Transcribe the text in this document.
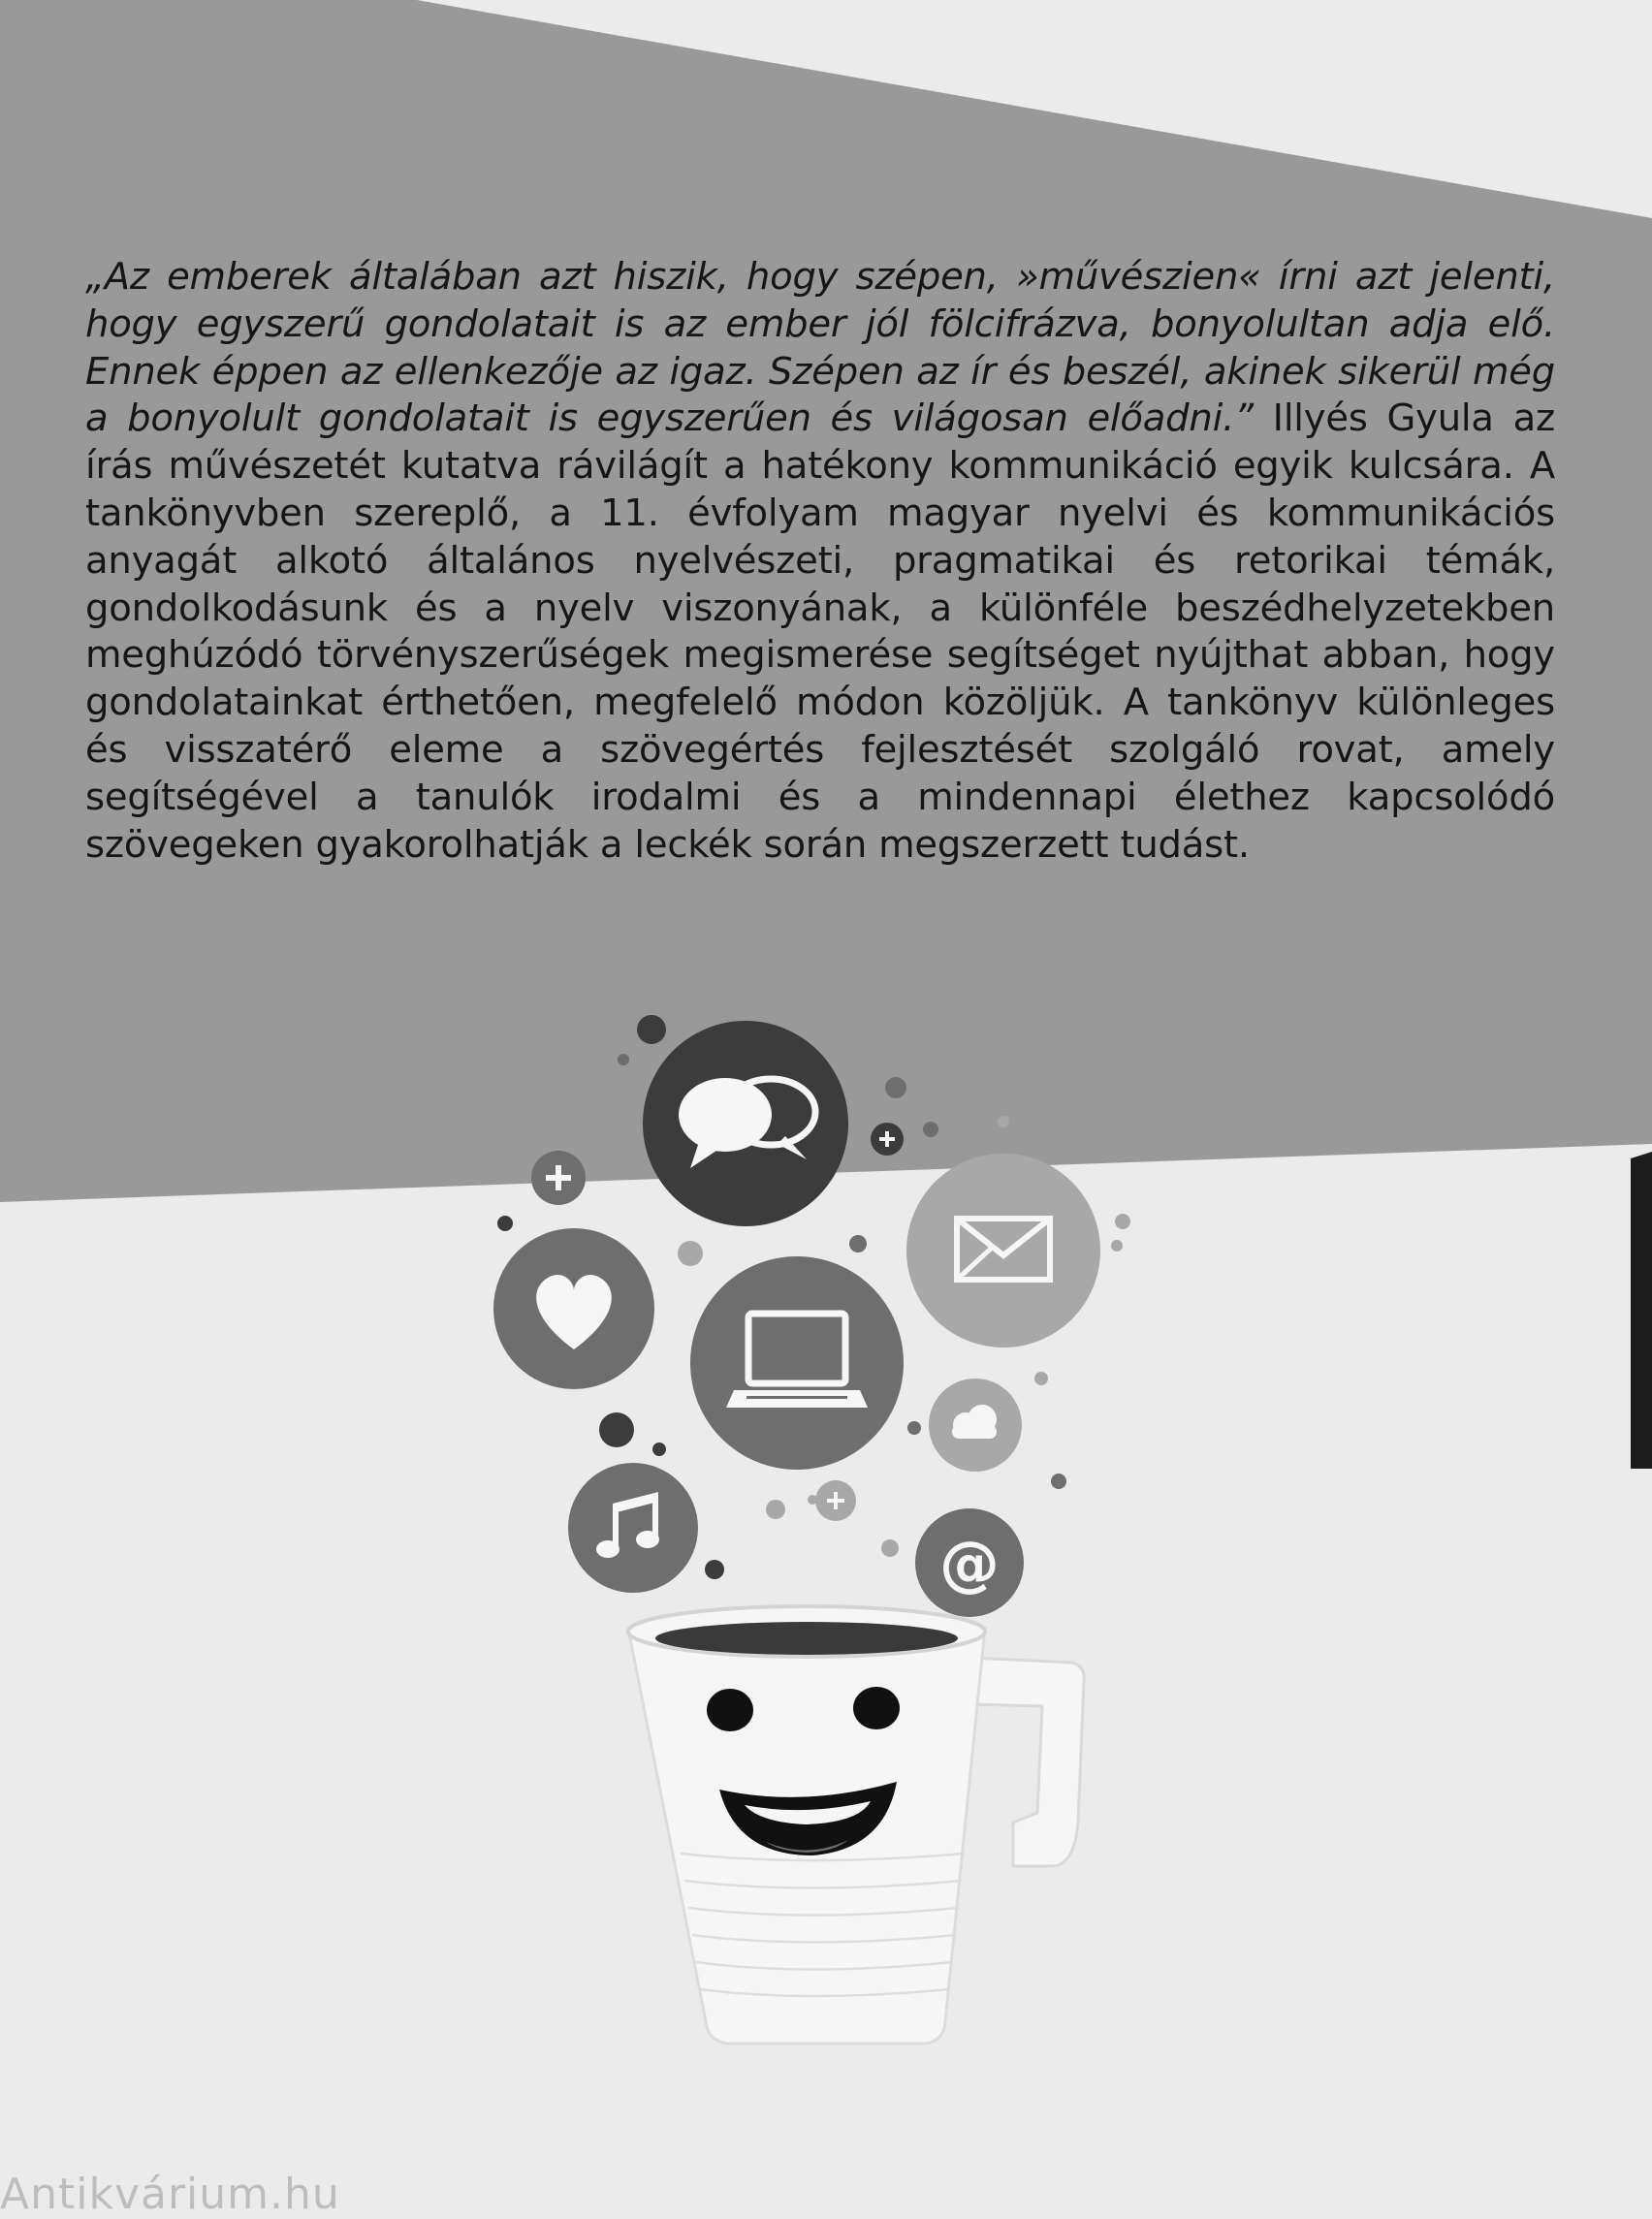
@
„Az emberek általában azt hiszik, hogy szépen, »művészien« írni azt jelenti, hogy egyszerű gondolatait is az ember jól fölcifrázva, bonyolultan adja elő. Ennek éppen az ellenkezője az igaz. Szépen az ír és beszél, akinek sikerül még a bonyolult gondolatait is egyszerűen és világosan előadni.” Illyés Gyula az írás művészetét kutatva rávilágít a hatékony kommunikáció egyik kulcsára. A tankönyvben szereplő, a 11. évfolyam magyar nyelvi és kommunikációs anyagát alkotó általános nyelvészeti, pragmatikai és retorikai témák, gondolkodásunk és a nyelv viszonyának, a különféle beszédhelyzetekben meghúzódó törvényszerűségek megismerése segítséget nyújthat abban, hogy gondolatainkat érthetően, megfelelő módon közöljük. A tankönyv különleges és visszatérő eleme a szövegértés fejlesztését szolgáló rovat, amely segítségével a tanulók irodalmi és a mindennapi élethez kapcsolódó szövegeken gyakorolhatják a leckék során megszerzett tudást.
Antikvárium.hu
